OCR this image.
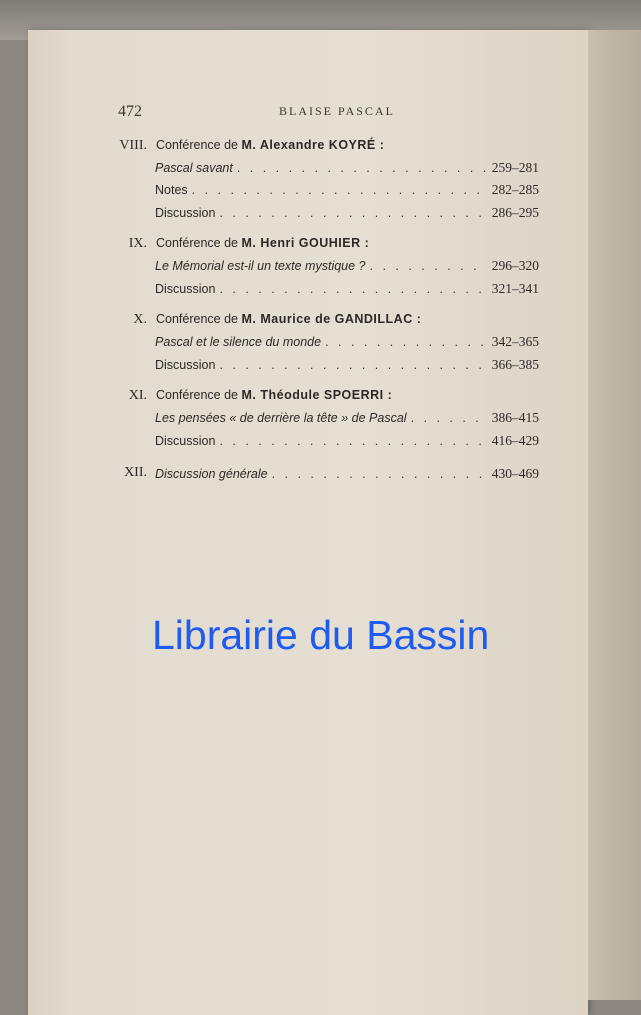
472	BLAISE PASCAL
VIII. Conférence de
M. Alexandre KOYRÉ :
Pascal savant . . .	259–281
Notes . . .	282–285
Discussion . . .	286–295
IX. Conférence de
M. Henri GOUHIER :
Le Mémorial est-il un texte mystique ? . . .	296–320
Discussion . . .	321–341
X. Conférence de
M. Maurice de GANDILLAC :
Pascal et le silence du monde . . .	342–365
Discussion . . .	366–385
XI. Conférence de
M. Théodule SPOERRI :
Les pensées « de derrière la tête » de Pascal . . .	386–415
Discussion . . .	416–429
XII. Discussion générale . . .	430–469
Librairie du Bassin
